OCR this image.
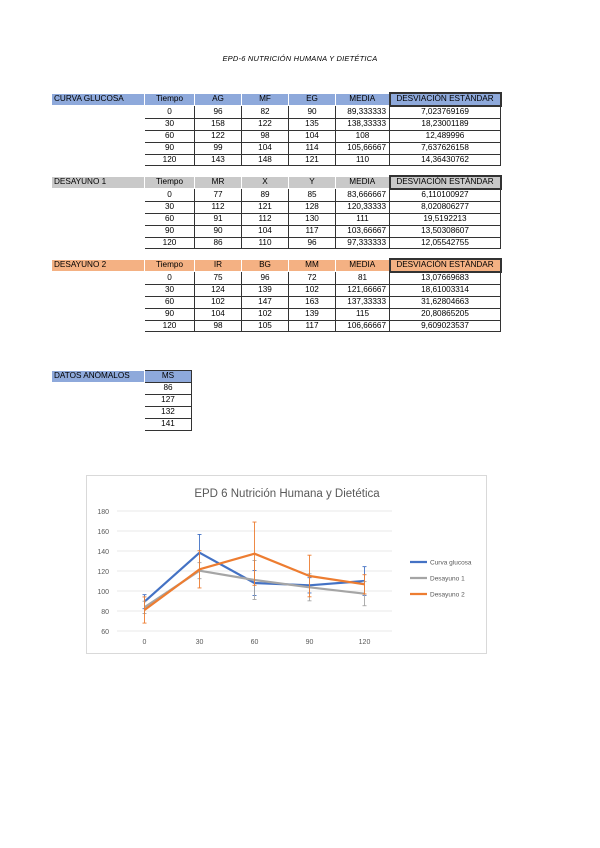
EPD-6 NUTRICIÓN HUMANA Y DIETÉTICA
CURVA GLUCOSA	Tiempo	AG	MF	EG	MEDIA	DESVIACIÓN ESTÁNDAR
	0	96	82	90	89,333333	7,023769169
	30	158	122	135	138,33333	18,23001189
	60	122	98	104	108	12,489996
	90	99	104	114	105,66667	7,637626158
	120	143	148	121	110	14,36430762
DESAYUNO 1	Tiempo	MR	X	Y	MEDIA	DESVIACIÓN ESTÁNDAR
	0	77	89	85	83,666667	6,110100927
	30	112	121	128	120,33333	8,020806277
	60	91	112	130	111	19,5192213
	90	90	104	117	103,66667	13,50308607
	120	86	110	96	97,333333	12,05542755
DESAYUNO 2	Tiempo	IR	BG	MM	MEDIA	DESVIACIÓN ESTÁNDAR
	0	75	96	72	81	13,07669683
	30	124	139	102	121,66667	18,61003314
	60	102	147	163	137,33333	31,62804663
	90	104	102	139	115	20,80865205
	120	98	105	117	106,66667	9,609023537
DATOS ANÓMALOS	MS
	86
	127
	132
	141
EPD 6 Nutrición Humana y Dietética
60
80
100
120
140
160
180
0	30	60	90	120
Curva glucosa
Desayuno 1
Desayuno 2
